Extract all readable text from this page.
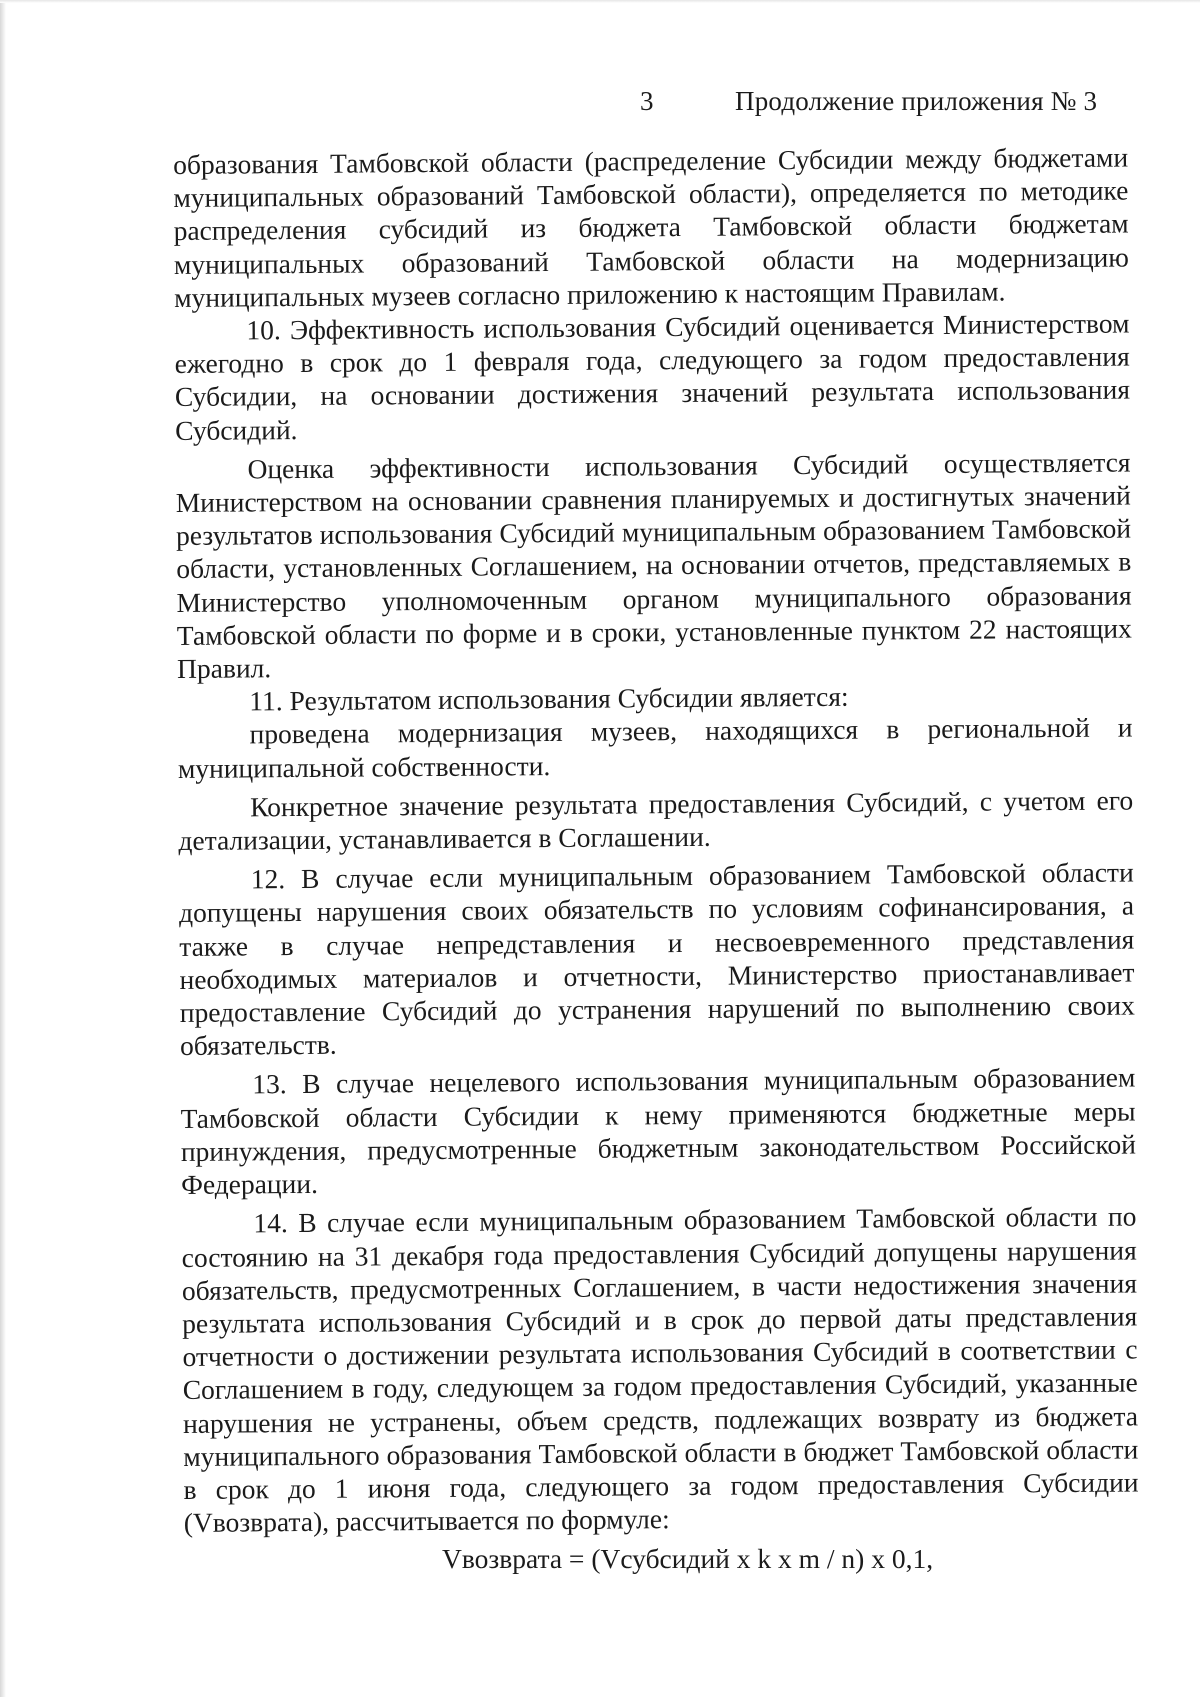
3	Продолжение приложения № 3

образования Тамбовской области (распределение Субсидии между бюджетами муниципальных образований Тамбовской области), определяется по методике распределения субсидий из бюджета Тамбовской области бюджетам муниципальных образований Тамбовской области на модернизацию муниципальных музеев согласно приложению к настоящим Правилам.

10. Эффективность использования Субсидий оценивается Министерством ежегодно в срок до 1 февраля года, следующего за годом предоставления Субсидии, на основании достижения значений результата использования Субсидий.

Оценка эффективности использования Субсидий осуществляется Министерством на основании сравнения планируемых и достигнутых значений результатов использования Субсидий муниципальным образованием Тамбовской области, установленных Соглашением, на основании отчетов, представляемых в Министерство уполномоченным органом муниципального образования Тамбовской области по форме и в сроки, установленные пунктом 22 настоящих Правил.

11. Результатом использования Субсидии является:

проведена модернизация музеев, находящихся в региональной и муниципальной собственности.

Конкретное значение результата предоставления Субсидий, с учетом его детализации, устанавливается в Соглашении.

12. В случае если муниципальным образованием Тамбовской области допущены нарушения своих обязательств по условиям софинансирования, а также в случае непредставления и несвоевременного представления необходимых материалов и отчетности, Министерство приостанавливает предоставление Субсидий до устранения нарушений по выполнению своих обязательств.

13. В случае нецелевого использования муниципальным образованием Тамбовской области Субсидии к нему применяются бюджетные меры принуждения, предусмотренные бюджетным законодательством Российской Федерации.

14. В случае если муниципальным образованием Тамбовской области по состоянию на 31 декабря года предоставления Субсидий допущены нарушения обязательств, предусмотренных Соглашением, в части недостижения значения результата использования Субсидий и в срок до первой даты представления отчетности о достижении результата использования Субсидий в соответствии с Соглашением в году, следующем за годом предоставления Субсидий, указанные нарушения не устранены, объем средств, подлежащих возврату из бюджета муниципального образования Тамбовской области в бюджет Тамбовской области в срок до 1 июня года, следующего за годом предоставления Субсидии (Vвозврата), рассчитывается по формуле:

Vвозврата = (Vсубсидий x k x m / n) x 0,1,
